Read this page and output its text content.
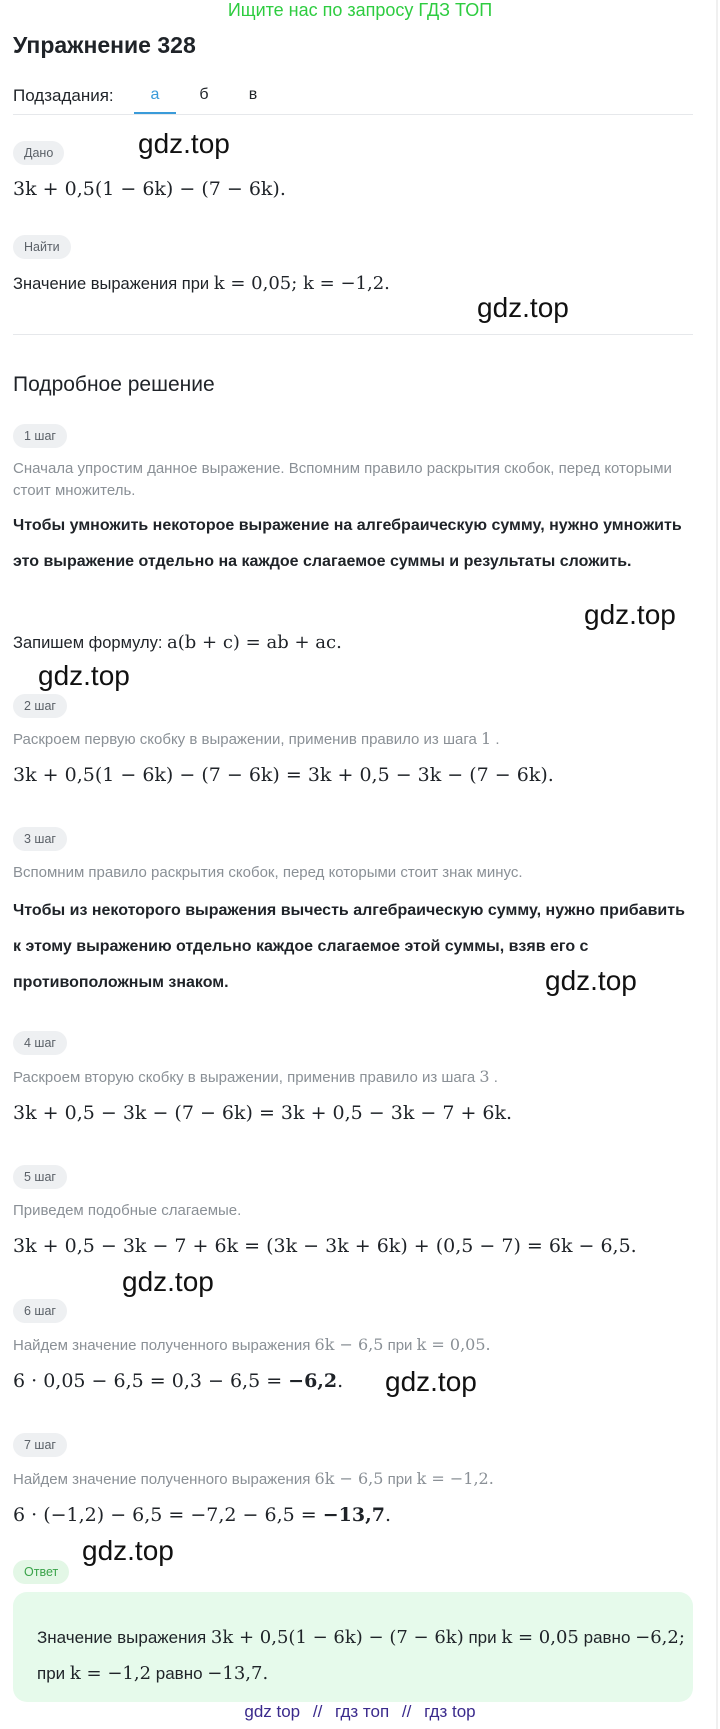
Ищите нас по запросу ГДЗ ТОП
Упражнение 328
Подзадания:	а	б	в
Дано
3k + 0,5(1 − 6k) − (7 − 6k).
Найти
Значение выражения при k = 0,05; k = −1,2.
Подробное решение
1 шаг
Сначала упростим данное выражение. Вспомним правило раскрытия скобок, перед которыми стоит множитель.
Чтобы умножить некоторое выражение на алгебраическую сумму, нужно умножить это выражение отдельно на каждое слагаемое суммы и результаты сложить.
Запишем формулу: a(b + c) = ab + ac.
2 шаг
Раскроем первую скобку в выражении, применив правило из шага 1 .
3k + 0,5(1 − 6k) − (7 − 6k) = 3k + 0,5 − 3k − (7 − 6k).
3 шаг
Вспомним правило раскрытия скобок, перед которыми стоит знак минус.
Чтобы из некоторого выражения вычесть алгебраическую сумму, нужно прибавить к этому выражению отдельно каждое слагаемое этой суммы, взяв его с противоположным знаком.
4 шаг
Раскроем вторую скобку в выражении, применив правило из шага 3 .
3k + 0,5 − 3k − (7 − 6k) = 3k + 0,5 − 3k − 7 + 6k.
5 шаг
Приведем подобные слагаемые.
3k + 0,5 − 3k − 7 + 6k = (3k − 3k + 6k) + (0,5 − 7) = 6k − 6,5.
6 шаг
Найдем значение полученного выражения 6k − 6,5 при k = 0,05.
6 · 0,05 − 6,5 = 0,3 − 6,5 = −6,2.
7 шаг
Найдем значение полученного выражения 6k − 6,5 при k = −1,2.
6 · (−1,2) − 6,5 = −7,2 − 6,5 = −13,7.
Ответ
Значение выражения 3k + 0,5(1 − 6k) − (7 − 6k) при k = 0,05 равно −6,2; при k = −1,2 равно −13,7.
gdz.top
gdz.top
gdz.top
gdz.top
gdz.top
gdz.top
gdz.top
gdz.top
gdz top // гдз топ // гдз top
